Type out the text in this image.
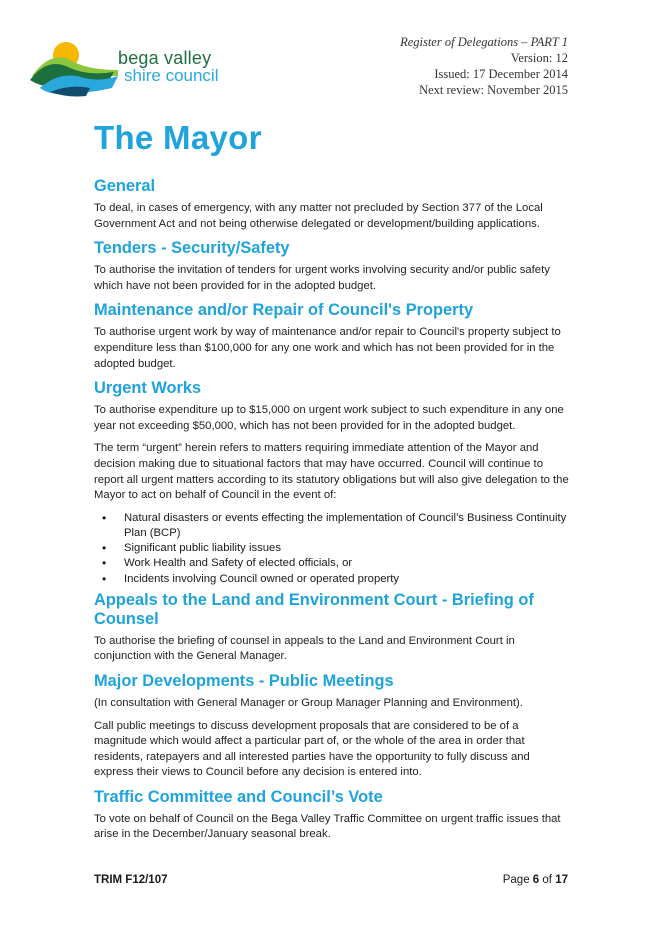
bega valley
shire council
Register of Delegations – PART 1
Version: 12
Issued: 17 December 2014
Next review: November 2015
The Mayor
General

To deal, in cases of emergency, with any matter not precluded by Section 377 of the Local Government Act and not being otherwise delegated or development/building applications.

Tenders - Security/Safety

To authorise the invitation of tenders for urgent works involving security and/or public safety which have not been provided for in the adopted budget.

Maintenance and/or Repair of Council's Property

To authorise urgent work by way of maintenance and/or repair to Council's property subject to expenditure less than $100,000 for any one work and which has not been provided for in the adopted budget.

Urgent Works

To authorise expenditure up to $15,000 on urgent work subject to such expenditure in any one year not exceeding $50,000, which has not been provided for in the adopted budget.

The term “urgent” herein refers to matters requiring immediate attention of the Mayor and decision making due to situational factors that may have occurred. Council will continue to report all urgent matters according to its statutory obligations but will also give delegation to the Mayor to act on behalf of Council in the event of:

• Natural disasters or events effecting the implementation of Council’s Business Continuity Plan (BCP)
• Significant public liability issues
• Work Health and Safety of elected officials, or
• Incidents involving Council owned or operated property
Appeals to the Land and Environment Court - Briefing of Counsel

To authorise the briefing of counsel in appeals to the Land and Environment Court in conjunction with the General Manager.

Major Developments - Public Meetings

(In consultation with General Manager or Group Manager Planning and Environment).

Call public meetings to discuss development proposals that are considered to be of a magnitude which would affect a particular part of, or the whole of the area in order that residents, ratepayers and all interested parties have the opportunity to fully discuss and express their views to Council before any decision is entered into.

Traffic Committee and Council’s Vote

To vote on behalf of Council on the Bega Valley Traffic Committee on urgent traffic issues that arise in the December/January seasonal break.

TRIM F12/107	Page 6 of 17
